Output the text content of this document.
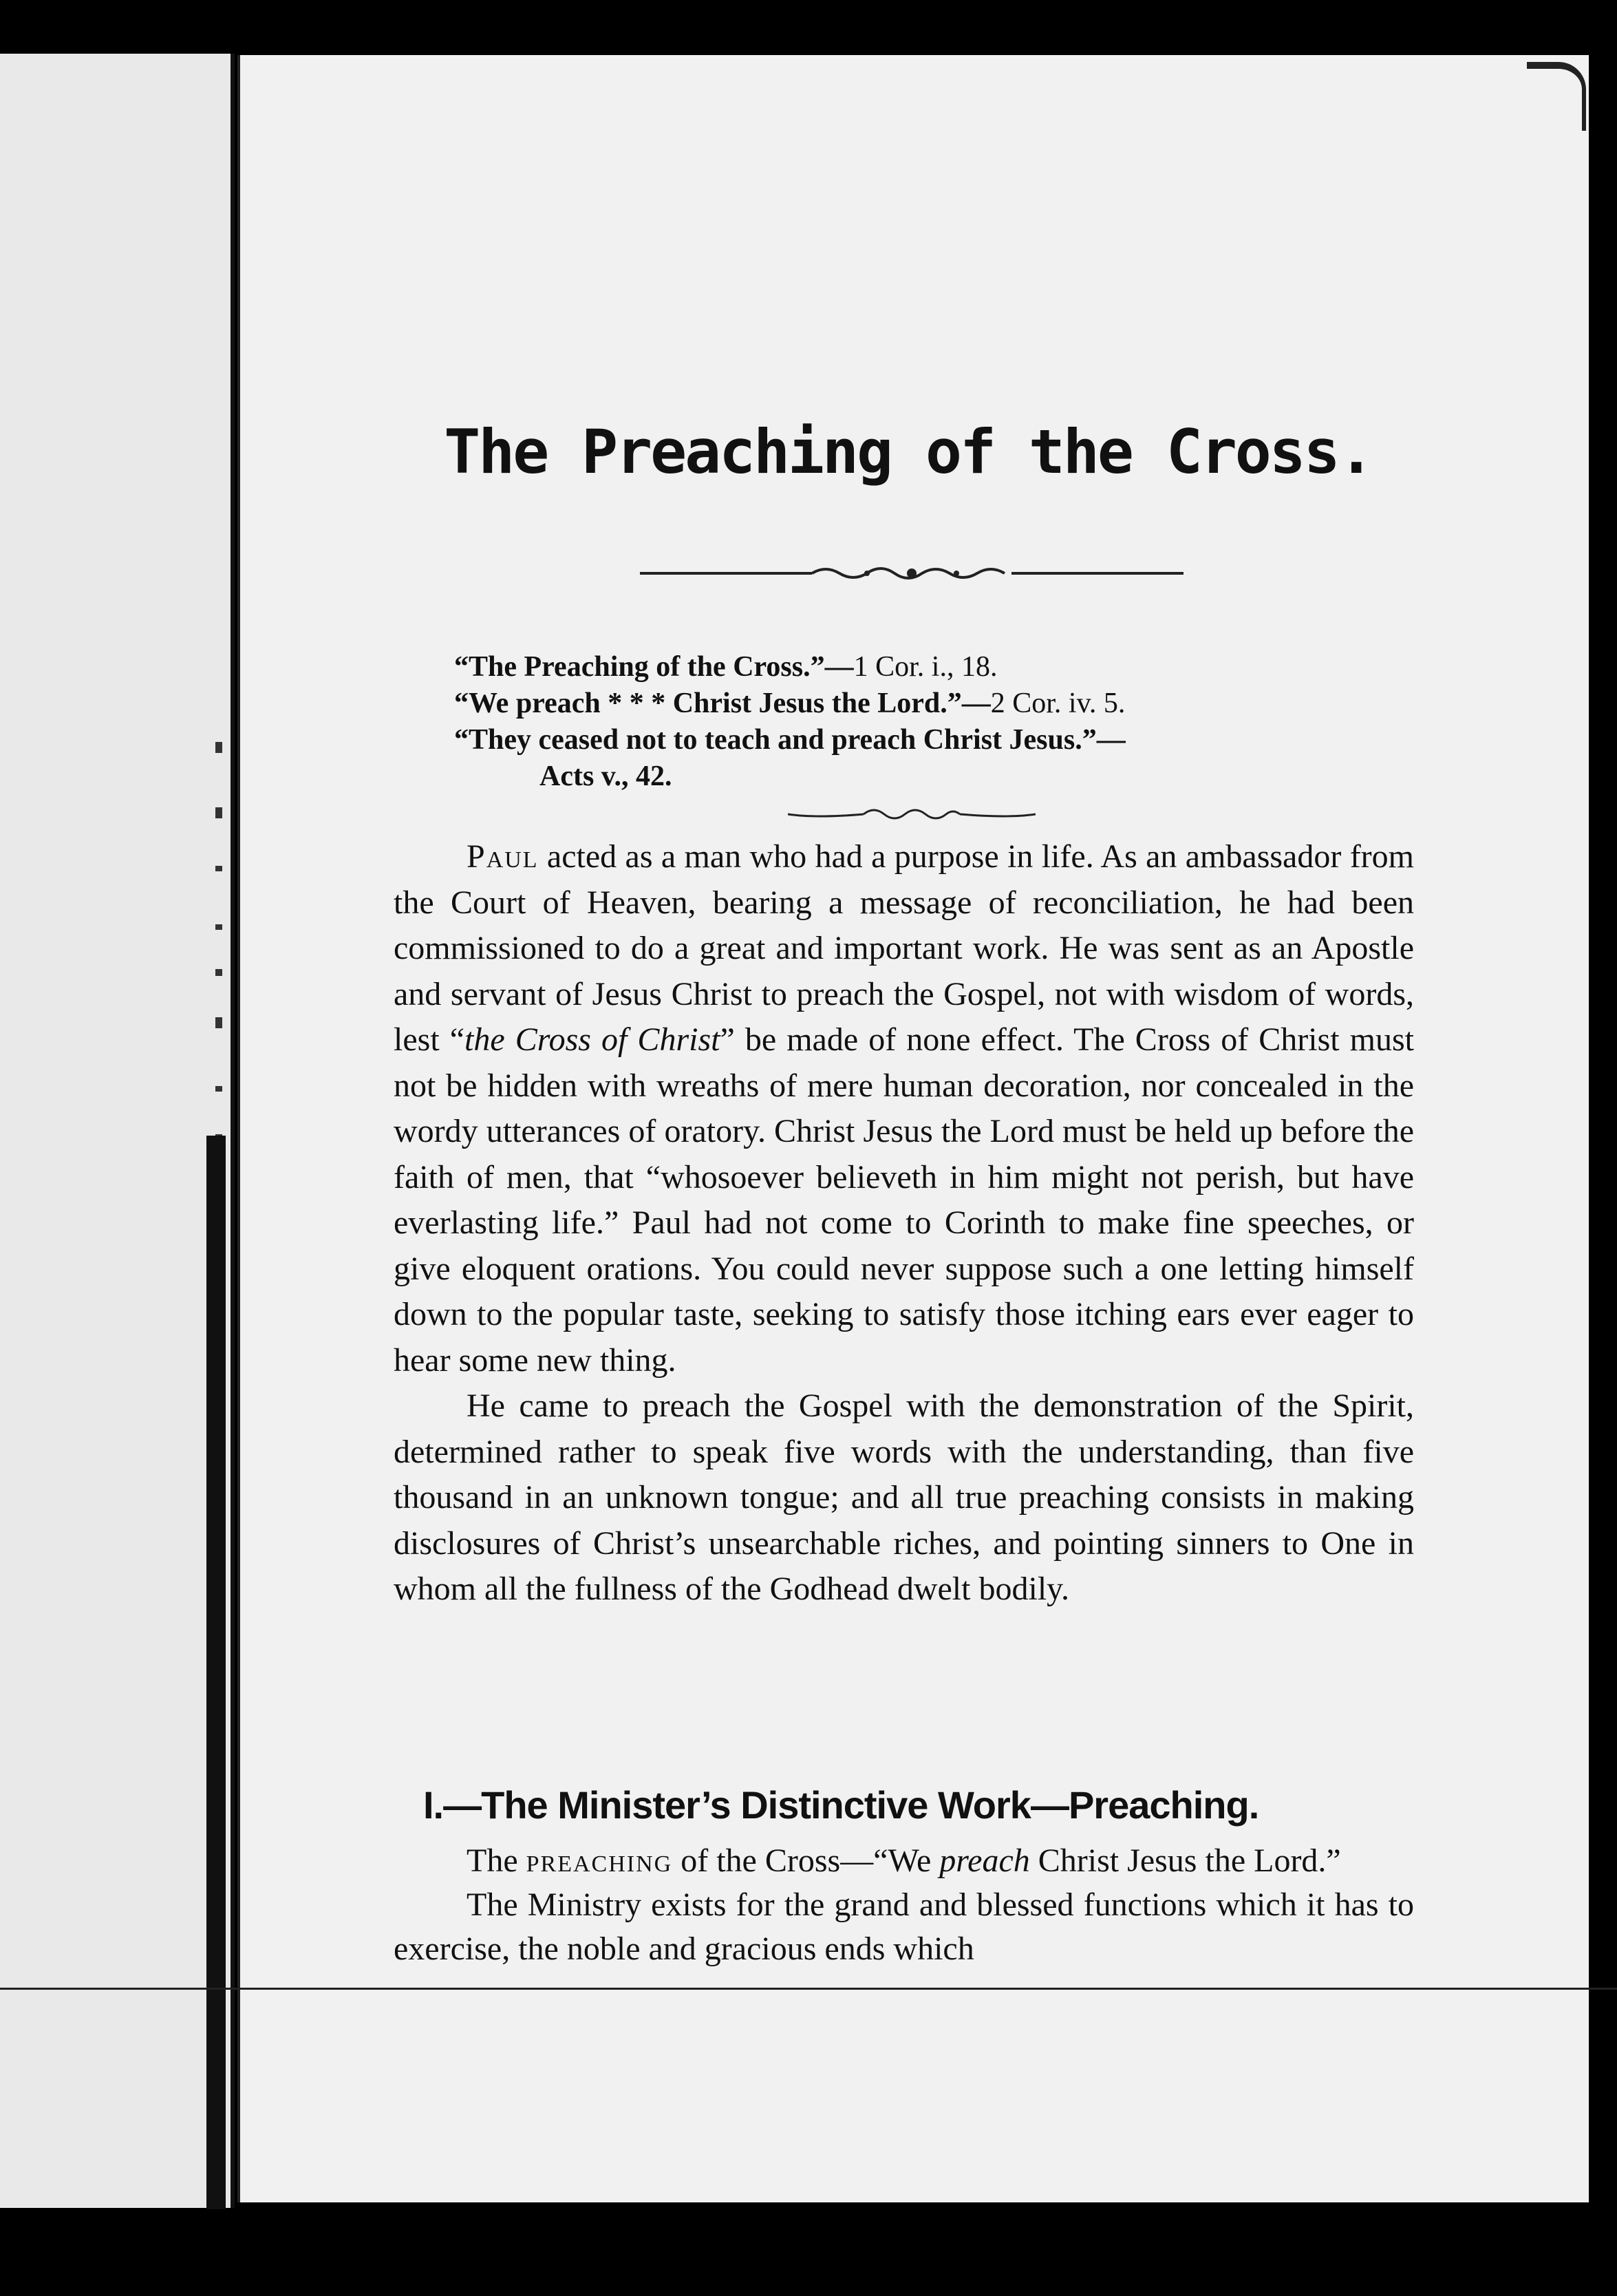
The Preaching of the Cross.
“The Preaching of the Cross.”—1 Cor. i., 18.
“We preach * * * Christ Jesus the Lord.”—2 Cor. iv. 5.
“They ceased not to teach and preach Christ Jesus.”—
Acts v., 42.

Paul acted as a man who had a purpose in life. As an ambassador from the Court of Heaven, bearing a message of reconciliation, he had been commissioned to do a great and important work. He was sent as an Apostle and servant of Jesus Christ to preach the Gospel, not with wisdom of words, lest “the Cross of Christ” be made of none effect. The Cross of Christ must not be hidden with wreaths of mere human decoration, nor concealed in the wordy utterances of oratory. Christ Jesus the Lord must be held up before the faith of men, that “whosoever believeth in him might not perish, but have everlasting life.” Paul had not come to Corinth to make fine speeches, or give eloquent orations. You could never suppose such a one letting himself down to the popular taste, seeking to satisfy those itching ears ever eager to hear some new thing.

He came to preach the Gospel with the demonstration of the Spirit, determined rather to speak five words with the understanding, than five thousand in an unknown tongue; and all true preaching consists in making disclosures of Christ’s unsearchable riches, and pointing sinners to One in whom all the fullness of the Godhead dwelt bodily.

I.—The Minister’s Distinctive Work—Preaching.

The preaching of the Cross—“We preach Christ Jesus the Lord.”

The Ministry exists for the grand and blessed functions which it has to exercise, the noble and gracious ends which
